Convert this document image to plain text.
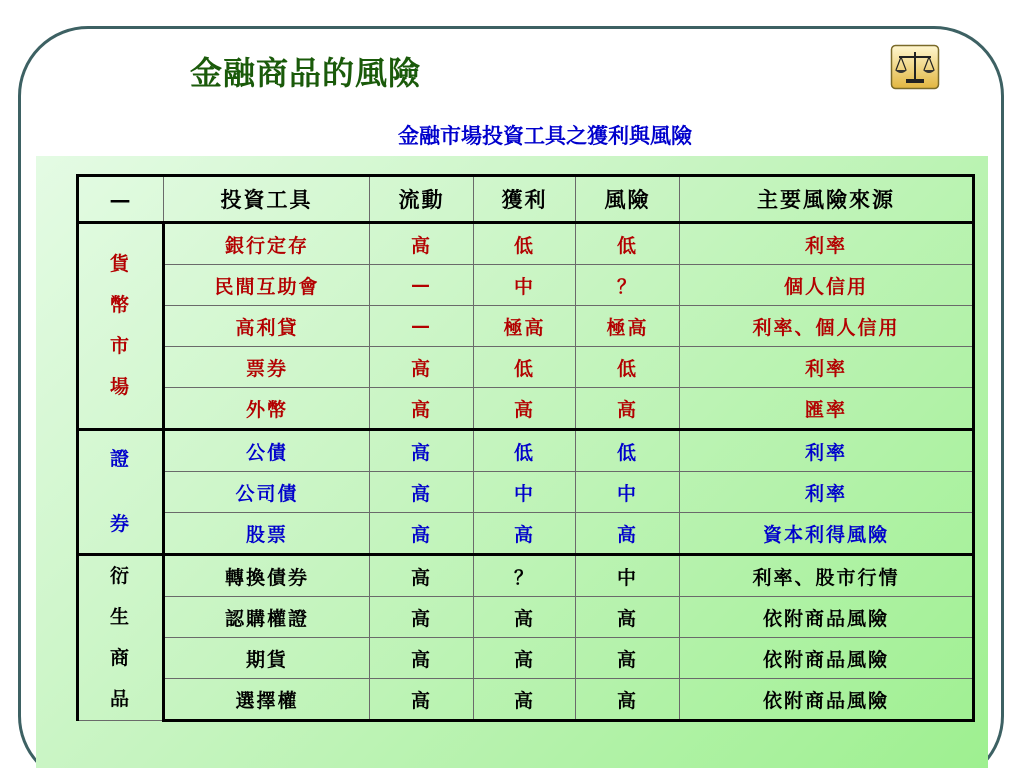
金融商品的風險
金融市場投資工具之獲利與風險
—	投資工具	流動	獲利	風險	主要風險來源

貨
幣
市
場	銀行定存	高	低	低	利率
	民間互助會	—	中	？	個人信用
	高利貸	—	極高	極高	利率、個人信用
	票券	高	低	低	利率
	外幣	高	高	高	匯率

證
券	公債	高	低	低	利率
	公司債	高	中	中	利率
	股票	高	高	高	資本利得風險

衍
生
商
品	轉換債券	高	？	中	利率、股市行情
	認購權證	高	高	高	依附商品風險
	期貨	高	高	高	依附商品風險
	選擇權	高	高	高	依附商品風險
